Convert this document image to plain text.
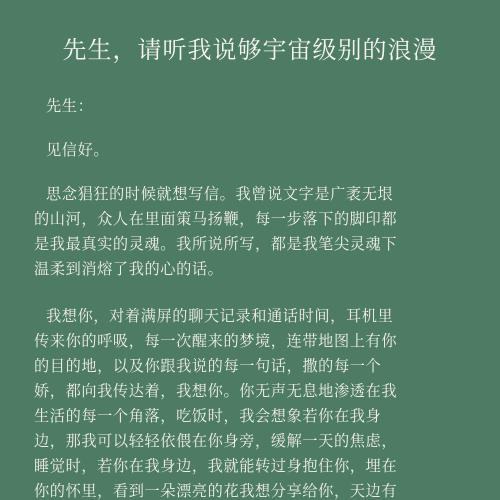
先生，请听我说够宇宙级别的浪漫
先生：
见信好。
思念猖狂的时候就想写信。我曾说文字是广袤无垠
的山河，众人在里面策马扬鞭，每一步落下的脚印都
是我最真实的灵魂。我所说所写，都是我笔尖灵魂下
温柔到消熔了我的心的话。
我想你，对着满屏的聊天记录和通话时间，耳机里
传来你的呼吸，每一次醒来的梦境，连带地图上有你
的目的地，以及你跟我说的每一句话，撒的每一个
娇，都向我传达着，我想你。你无声无息地渗透在我
生活的每一个角落，吃饭时，我会想象若你在我身
边，那我可以轻轻依偎在你身旁，缓解一天的焦虑，
睡觉时，若你在我身边，我就能转过身抱住你，埋在
你的怀里，看到一朵漂亮的花我想分享给你，天边有
